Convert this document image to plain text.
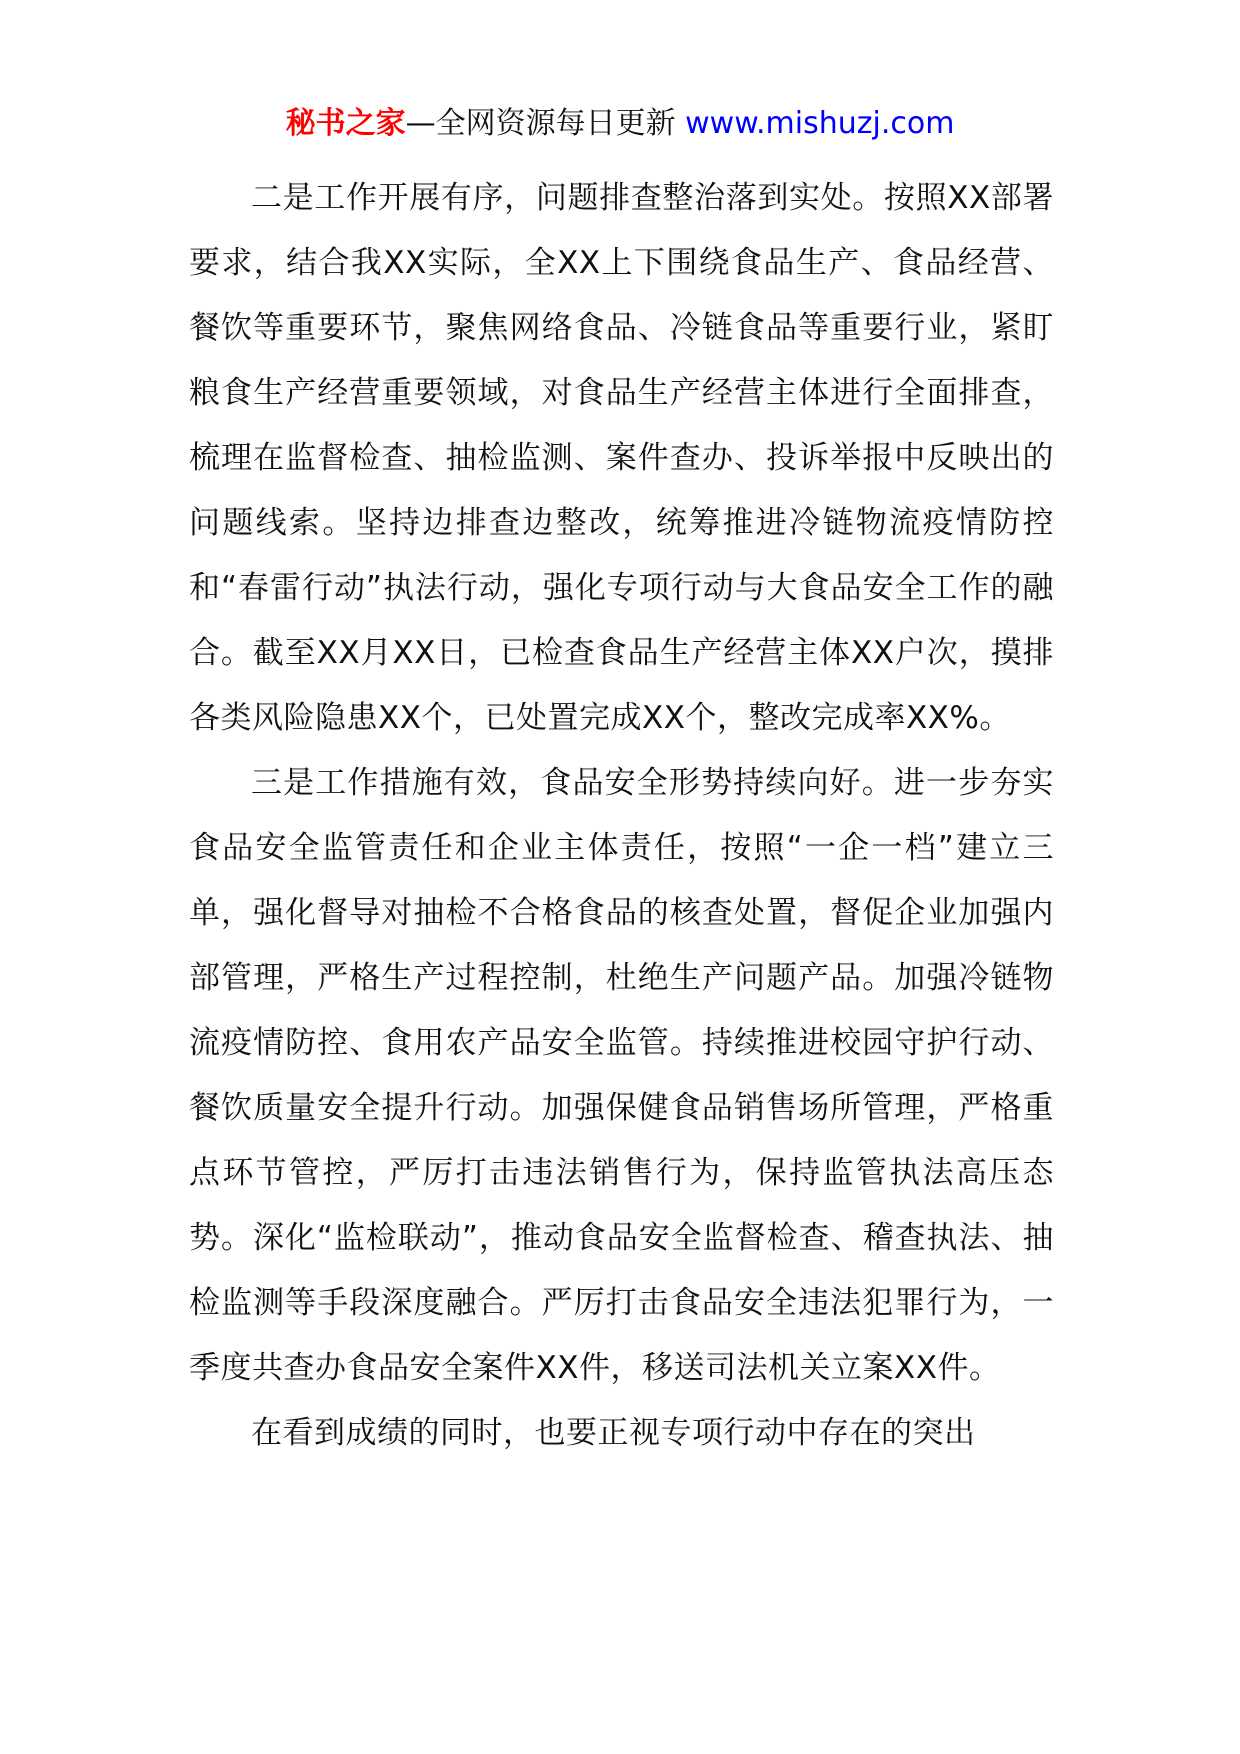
秘书之家—全网资源每日更新 www.mishuzj.com

二是工作开展有序，问题排查整治落到实处。按照XX部署要求，结合我XX实际，全XX上下围绕食品生产、食品经营、餐饮等重要环节，聚焦网络食品、冷链食品等重要行业，紧盯粮食生产经营重要领域，对食品生产经营主体进行全面排查，梳理在监督检查、抽检监测、案件查办、投诉举报中反映出的问题线索。坚持边排查边整改，统筹推进冷链物流疫情防控和“春雷行动”执法行动，强化专项行动与大食品安全工作的融合。截至XX月XX日，已检查食品生产经营主体XX户次，摸排各类风险隐患XX个，已处置完成XX个，整改完成率XX%。

三是工作措施有效，食品安全形势持续向好。进一步夯实食品安全监管责任和企业主体责任，按照“一企一档”建立三单，强化督导对抽检不合格食品的核查处置，督促企业加强内部管理，严格生产过程控制，杜绝生产问题产品。加强冷链物流疫情防控、食用农产品安全监管。持续推进校园守护行动、餐饮质量安全提升行动。加强保健食品销售场所管理，严格重点环节管控，严厉打击违法销售行为，保持监管执法高压态势。深化“监检联动”，推动食品安全监督检查、稽查执法、抽检监测等手段深度融合。严厉打击食品安全违法犯罪行为，一季度共查办食品安全案件XX件，移送司法机关立案XX件。

在看到成绩的同时，也要正视专项行动中存在的突出
